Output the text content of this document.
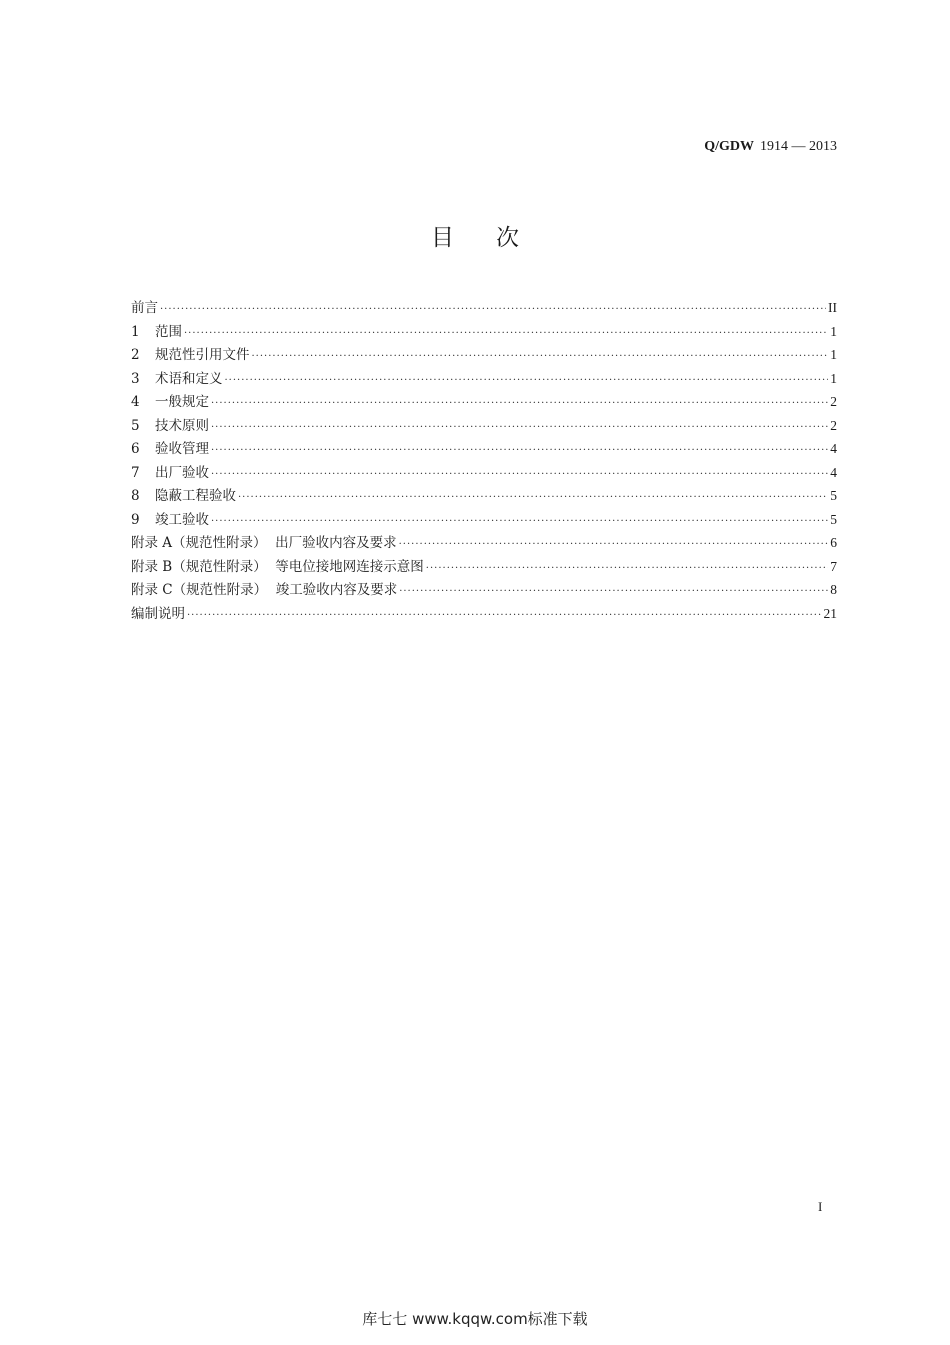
Q/GDW 1914 — 2013
目次
前言 ·····	II
1	范围 ·····	1
2	规范性引用文件 ·····	1
3	术语和定义 ·····	1
4	一般规定 ·····	2
5	技术原则 ·····	2
6	验收管理 ·····	4
7	出厂验收 ·····	4
8	隐蔽工程验收 ·····	5
9	竣工验收 ·····	5
附录 A（规范性附录）  出厂验收内容及要求 ·····	6
附录 B（规范性附录）  等电位接地网连接示意图 ·····	7
附录 C（规范性附录）  竣工验收内容及要求 ·····	8
编制说明 ·····	21
I
库七七 www.kqqw.com标准下载
